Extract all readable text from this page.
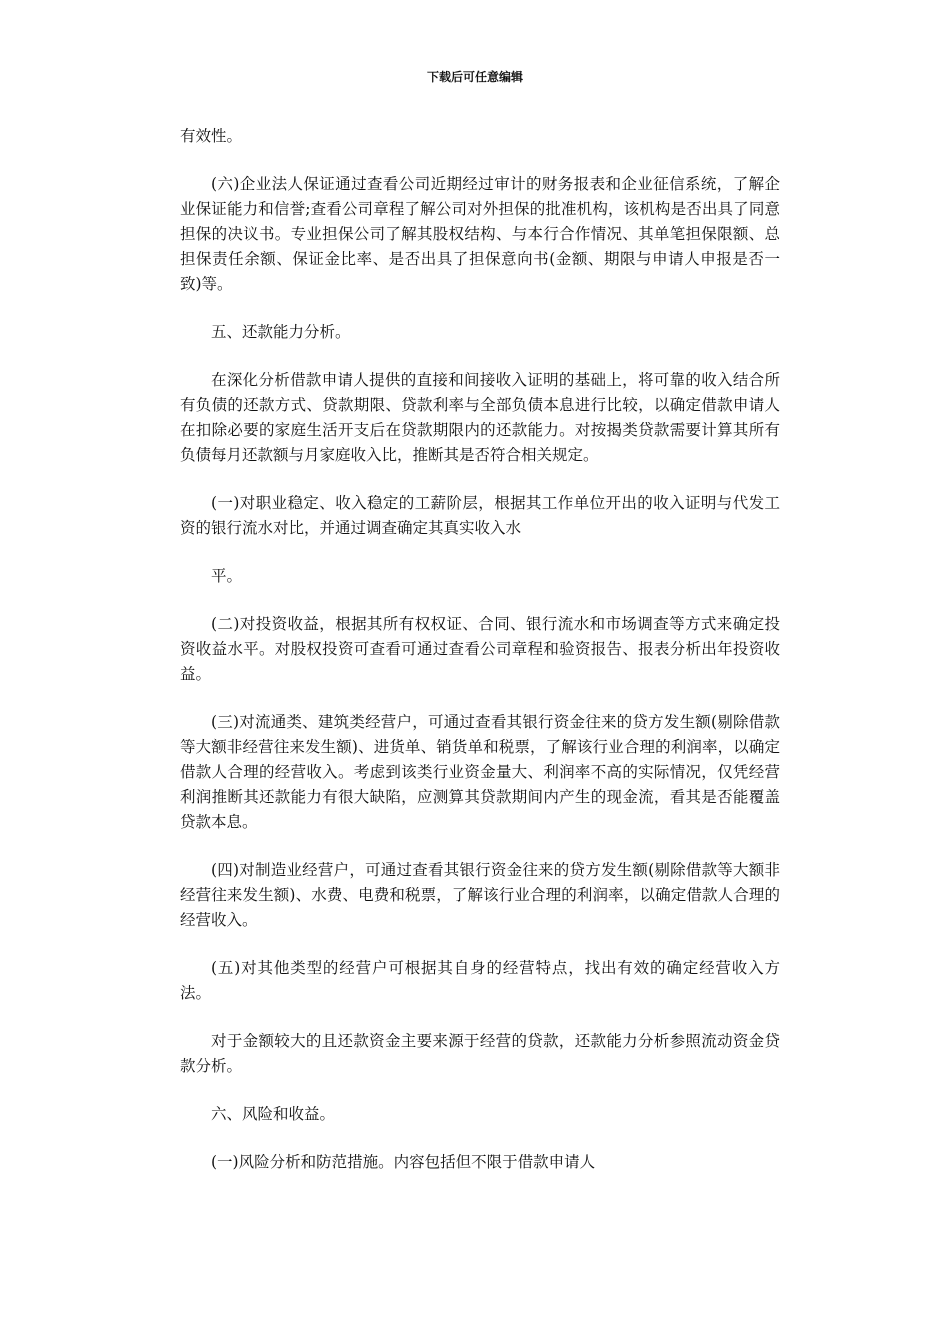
下载后可任意编辑

有效性。

(六)企业法人保证通过查看公司近期经过审计的财务报表和企业征信系统，了解企业保证能力和信誉;查看公司章程了解公司对外担保的批准机构，该机构是否出具了同意担保的决议书。专业担保公司了解其股权结构、与本行合作情况、其单笔担保限额、总担保责任余额、保证金比率、是否出具了担保意向书(金额、期限与申请人申报是否一致)等。

五、还款能力分析。

在深化分析借款申请人提供的直接和间接收入证明的基础上，将可靠的收入结合所有负债的还款方式、贷款期限、贷款利率与全部负债本息进行比较，以确定借款申请人在扣除必要的家庭生活开支后在贷款期限内的还款能力。对按揭类贷款需要计算其所有负债每月还款额与月家庭收入比，推断其是否符合相关规定。

(一)对职业稳定、收入稳定的工薪阶层，根据其工作单位开出的收入证明与代发工资的银行流水对比，并通过调查确定其真实收入水

平。

(二)对投资收益，根据其所有权权证、合同、银行流水和市场调查等方式来确定投资收益水平。对股权投资可查看可通过查看公司章程和验资报告、报表分析出年投资收益。

(三)对流通类、建筑类经营户，可通过查看其银行资金往来的贷方发生额(剔除借款等大额非经营往来发生额)、进货单、销货单和税票，了解该行业合理的利润率，以确定借款人合理的经营收入。考虑到该类行业资金量大、利润率不高的实际情况，仅凭经营利润推断其还款能力有很大缺陷，应测算其贷款期间内产生的现金流，看其是否能覆盖贷款本息。

(四)对制造业经营户，可通过查看其银行资金往来的贷方发生额(剔除借款等大额非经营往来发生额)、水费、电费和税票，了解该行业合理的利润率，以确定借款人合理的经营收入。

(五)对其他类型的经营户可根据其自身的经营特点，找出有效的确定经营收入方法。

对于金额较大的且还款资金主要来源于经营的贷款，还款能力分析参照流动资金贷款分析。

六、风险和收益。

(一)风险分析和防范措施。内容包括但不限于借款申请人
